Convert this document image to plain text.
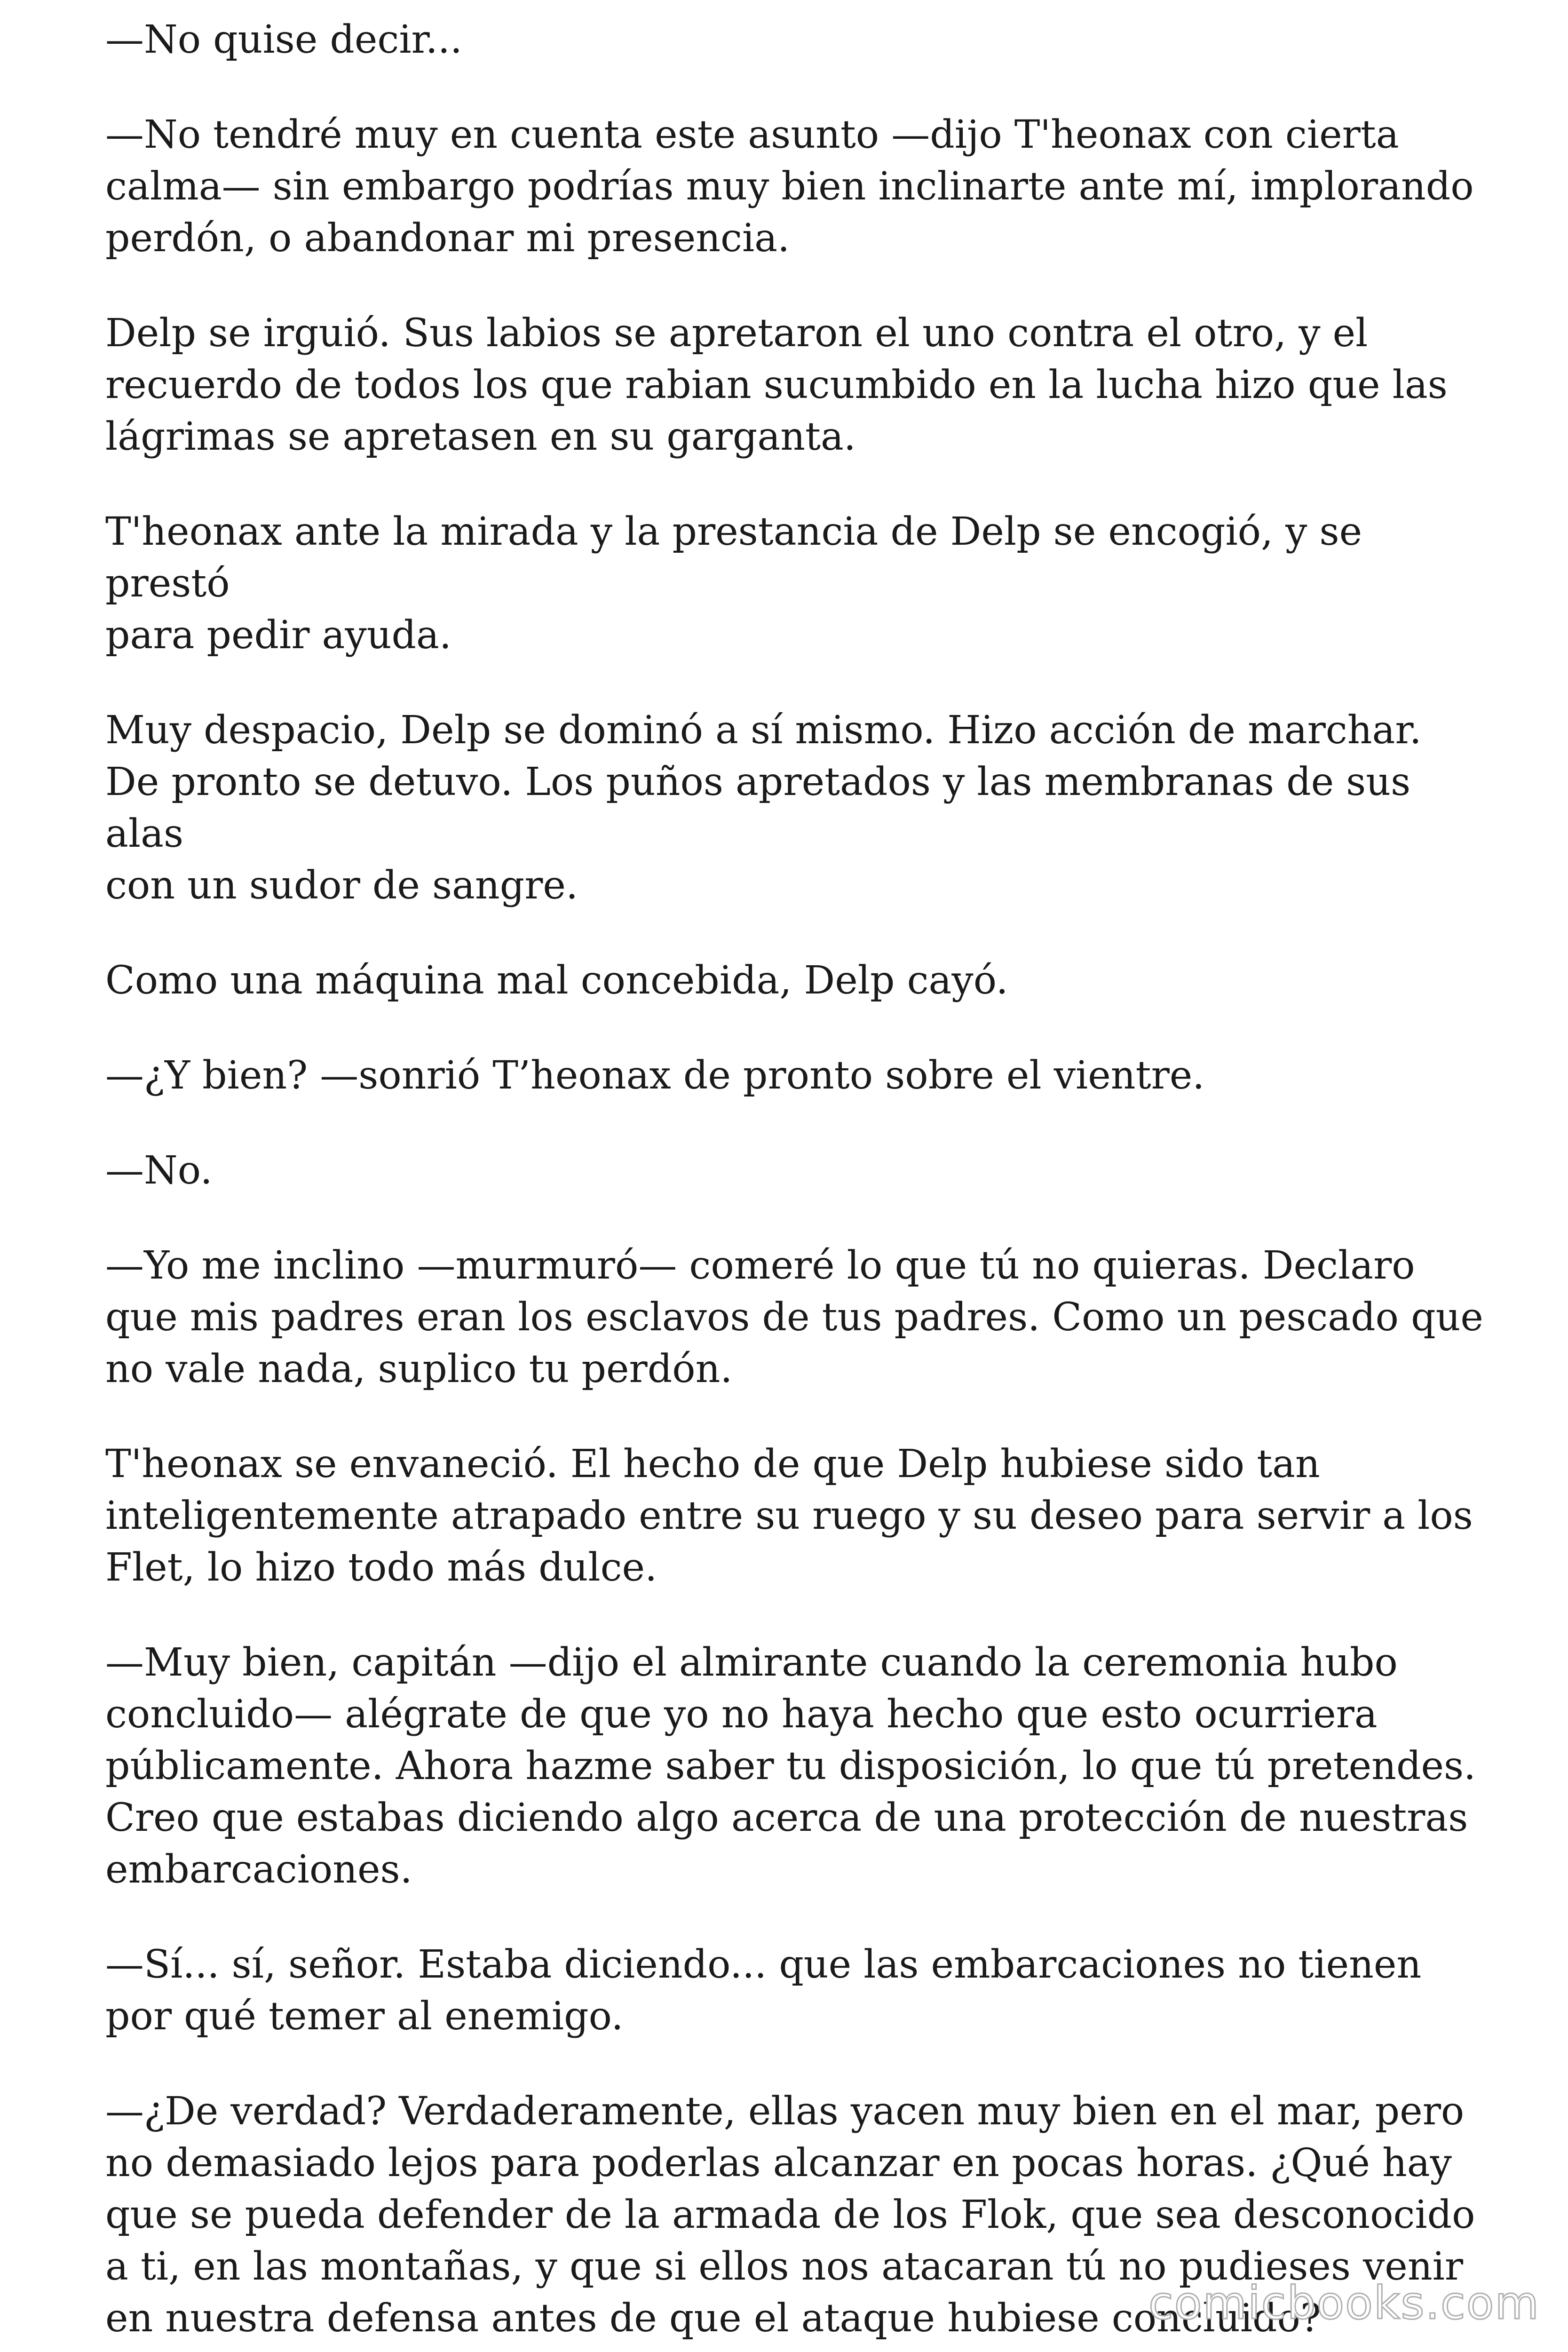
—No quise decir...

—No tendré muy en cuenta este asunto —dijo T'heonax con cierta
calma— sin embargo podrías muy bien inclinarte ante mí, implorando
perdón, o abandonar mi presencia.

Delp se irguió. Sus labios se apretaron el uno contra el otro, y el
recuerdo de todos los que rabian sucumbido en la lucha hizo que las
lágrimas se apretasen en su garganta.

T'heonax ante la mirada y la prestancia de Delp se encogió, y se prestó
para pedir ayuda.

Muy despacio, Delp se dominó a sí mismo. Hizo acción de marchar.
De pronto se detuvo. Los puños apretados y las membranas de sus alas
con un sudor de sangre.

Como una máquina mal concebida, Delp cayó.

—¿Y bien? —sonrió T’heonax de pronto sobre el vientre.

—No.

—Yo me inclino —murmuró— comeré lo que tú no quieras. Declaro
que mis padres eran los esclavos de tus padres. Como un pescado que
no vale nada, suplico tu perdón.

T'heonax se envaneció. El hecho de que Delp hubiese sido tan
inteligentemente atrapado entre su ruego y su deseo para servir a los
Flet, lo hizo todo más dulce.

—Muy bien, capitán —dijo el almirante cuando la ceremonia hubo
concluido— alégrate de que yo no haya hecho que esto ocurriera
públicamente. Ahora hazme saber tu disposición, lo que tú pretendes.
Creo que estabas diciendo algo acerca de una protección de nuestras
embarcaciones.

—Sí... sí, señor. Estaba diciendo... que las embarcaciones no tienen
por qué temer al enemigo.

—¿De verdad? Verdaderamente, ellas yacen muy bien en el mar, pero
no demasiado lejos para poderlas alcanzar en pocas horas. ¿Qué hay
que se pueda defender de la armada de los Flok, que sea desconocido
a ti, en las montañas, y que si ellos nos atacaran tú no pudieses venir
en nuestra defensa antes de que el ataque hubiese concluido?

comicbooks.com
